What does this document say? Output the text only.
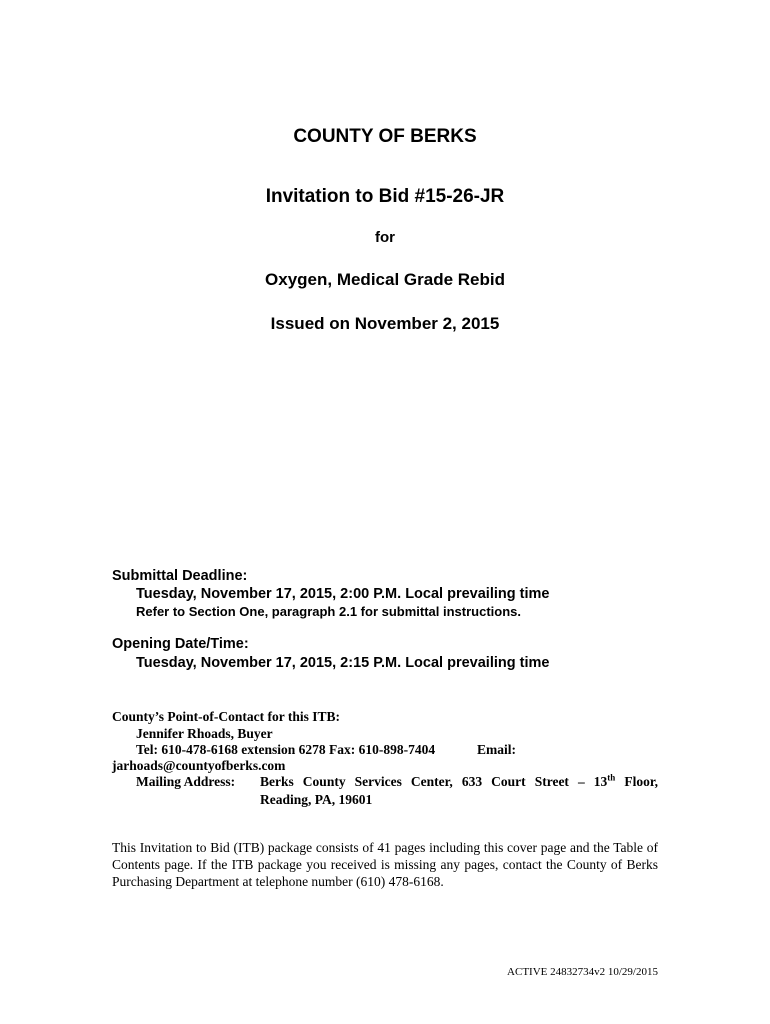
COUNTY OF BERKS
Invitation to Bid #15-26-JR
for
Oxygen, Medical Grade Rebid
Issued on November 2, 2015
Submittal Deadline:
Tuesday, November 17, 2015, 2:00 P.M. Local prevailing time
Refer to Section One, paragraph 2.1 for submittal instructions.
Opening Date/Time:
Tuesday, November 17, 2015, 2:15 P.M. Local prevailing time
County’s Point-of-Contact for this ITB:
Jennifer Rhoads, Buyer
Tel: 610-478-6168 extension 6278 Fax: 610-898-7404	Email:
jarhoads@countyofberks.com
Mailing Address: Berks County Services Center, 633 Court Street – 13th Floor,
Reading, PA, 19601
This Invitation to Bid (ITB) package consists of 41 pages including this cover page and the Table of Contents page. If the ITB package you received is missing any pages, contact the County of Berks Purchasing Department at telephone number (610) 478-6168.
ACTIVE 24832734v2 10/29/2015
